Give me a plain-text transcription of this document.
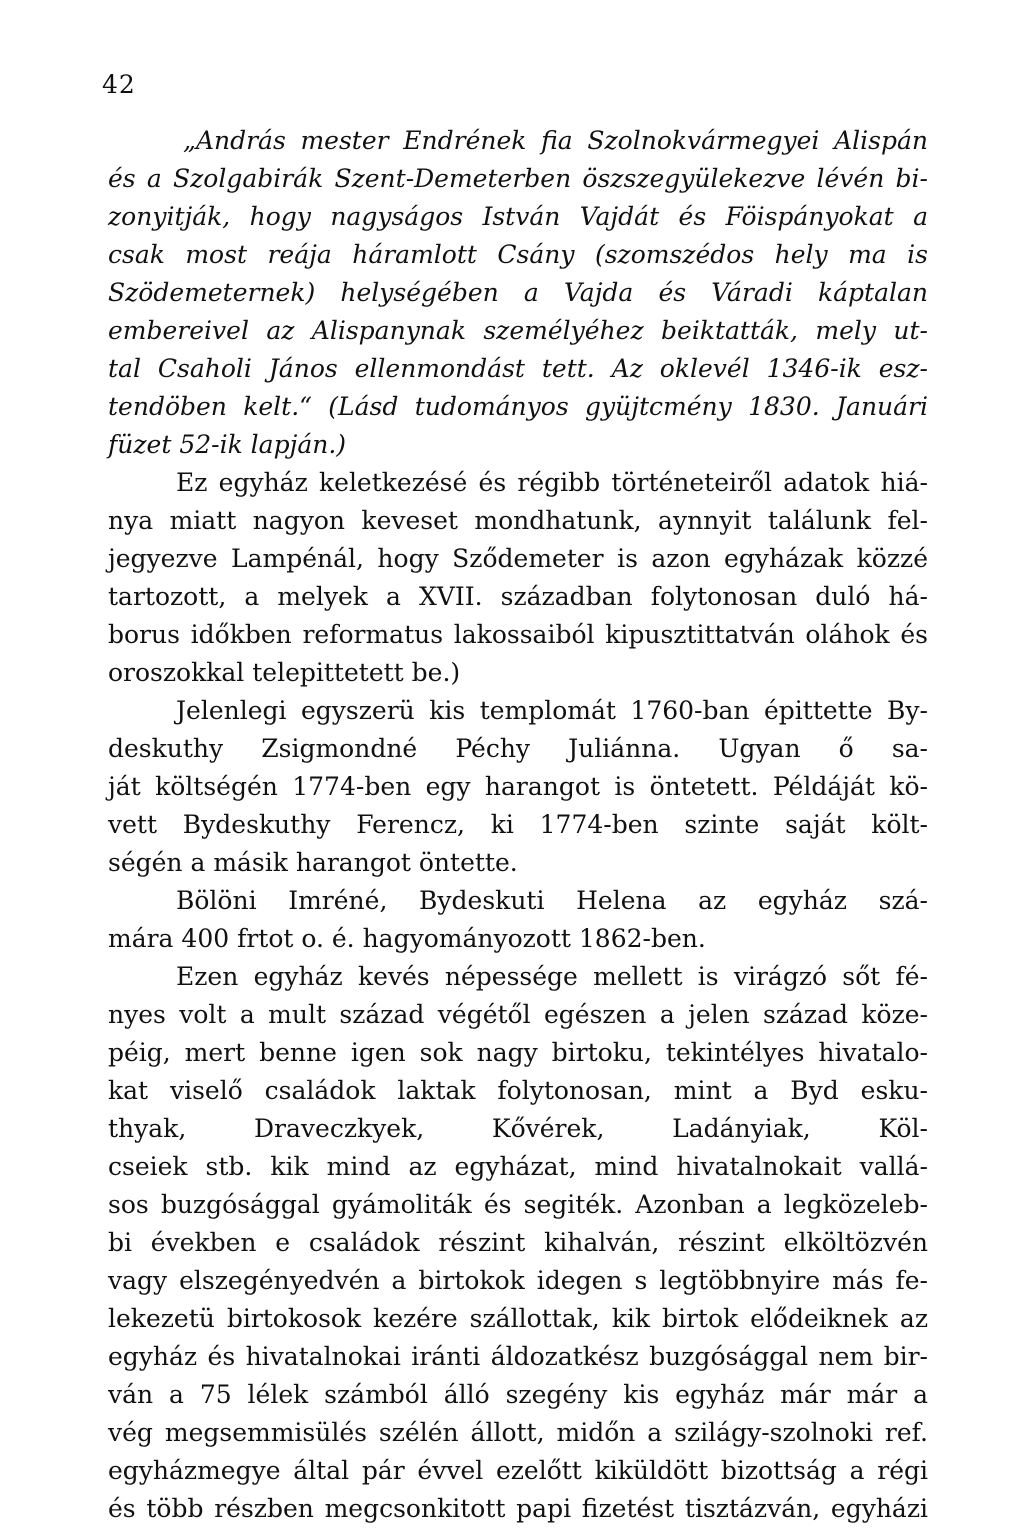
42
„András mester Endrének fia Szolnokvármegyei Alispán
és a Szolgabirák Szent-Demeterben öszszegyülekezve lévén bi-
zonyitják, hogy nagyságos István Vajdát és Föispányokat a
csak most reája háramlott Csány (szomszédos hely ma is
Szödemeternek) helységében a Vajda és Váradi káptalan
embereivel az Alispanynak személyéhez beiktatták, mely ut-
tal Csaholi János ellenmondást tett. Az oklevél 1346-ik esz-
tendöben kelt.“ (Lásd tudományos gyüjtcmény 1830. Januári
füzet 52-ik lapján.)
Ez egyház keletkezésé és régibb történeteiről adatok hiá-
nya miatt nagyon keveset mondhatunk, aynnyit találunk fel-
jegyezve Lampénál, hogy Sződemeter is azon egyházak közzé
tartozott, a melyek a XVII. században folytonosan duló há-
borus időkben reformatus lakossaiból kipusztittatván oláhok és
oroszokkal telepittetett be.)
Jelenlegi egyszerü kis templomát 1760-ban épittette By-
deskuthy Zsigmondné Péchy Juliánna. Ugyan ő sa-
ját költségén 1774-ben egy harangot is öntetett. Példáját kö-
vett Bydeskuthy Ferencz, ki 1774-ben szinte saját költ-
ségén a másik harangot öntette.
Bölöni Imréné, Bydeskuti Helena az egyház szá-
mára 400 frtot o. é. hagyományozott 1862-ben.
Ezen egyház kevés népessége mellett is virágzó sőt fé-
nyes volt a mult század végétől egészen a jelen század köze-
péig, mert benne igen sok nagy birtoku, tekintélyes hivatalo-
kat viselő családok laktak folytonosan, mint a Byd esku-
thyak, Draveczkyek, Kővérek, Ladányiak, Köl-
cseiek stb. kik mind az egyházat, mind hivatalnokait vallá-
sos buzgósággal gyámoliták és segiték. Azonban a legközeleb-
bi években e családok részint kihalván, részint elköltözvén
vagy elszegényedvén a birtokok idegen s legtöbbnyire más fe-
lekezetü birtokosok kezére szállottak, kik birtok elődeiknek az
egyház és hivatalnokai iránti áldozatkész buzgósággal nem bir-
ván a 75 lélek számból álló szegény kis egyház már már a
vég megsemmisülés szélén állott, midőn a szilágy-szolnoki ref.
egyházmegye által pár évvel ezelőtt kiküldött bizottság a régi
és több részben megcsonkitott papi fizetést tisztázván, egyházi
